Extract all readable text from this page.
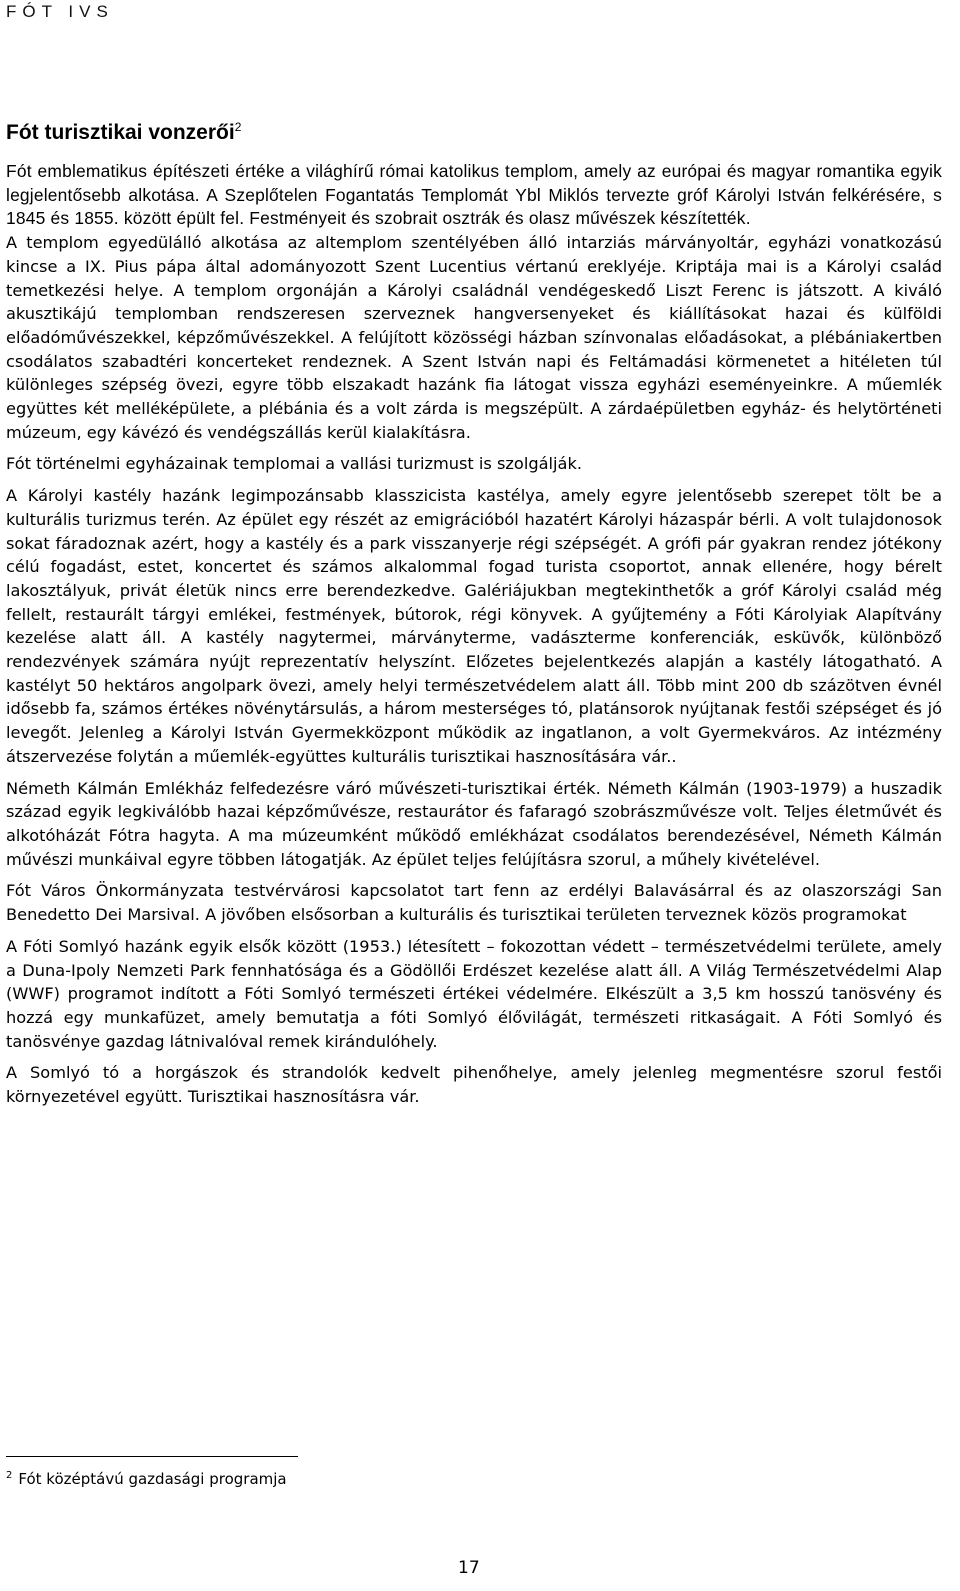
FÓT IVS
Fót turisztikai vonzerői$^2$

Fót emblematikus építészeti értéke a világhírű római katolikus templom, amely az európai és magyar romantika egyik legjelentősebb alkotása. A Szeplőtelen Fogantatás Templomát Ybl Miklós tervezte gróf Károlyi István felkérésére, s 1845 és 1855. között épült fel. Festményeit és szobrait osztrák és olasz művészek készítették.

A templom egyedülálló alkotása az altemplom szentélyében álló intarziás márványoltár, egyházi vonatkozású kincse a IX. Pius pápa által adományozott Szent Lucentius vértanú ereklyéje. Kriptája mai is a Károlyi család temetkezési helye. A templom orgonáján a Károlyi családnál vendégeskedő Liszt Ferenc is játszott. A kiváló akusztikájú templomban rendszeresen szerveznek hangversenyeket és kiállításokat hazai és külföldi előadóművészekkel, képzőművészekkel. A felújított közösségi házban színvonalas előadásokat, a plébániakertben csodálatos szabadtéri koncerteket rendeznek. A Szent István napi és Feltámadási körmenetet a hitéleten túl különleges szépség övezi, egyre több elszakadt hazánk fia látogat vissza egyházi eseményeinkre. A műemlék együttes két melléképülete, a plébánia és a volt zárda is megszépült. A zárdaépületben egyház- és helytörténeti múzeum, egy kávézó és vendégszállás kerül kialakításra.

Fót történelmi egyházainak templomai a vallási turizmust is szolgálják.

A Károlyi kastély hazánk legimpozánsabb klasszicista kastélya, amely egyre jelentősebb szerepet tölt be a kulturális turizmus terén. Az épület egy részét az emigrációból hazatért Károlyi házaspár bérli. A volt tulajdonosok sokat fáradoznak azért, hogy a kastély és a park visszanyerje régi szépségét. A grófi pár gyakran rendez jótékony célú fogadást, estet, koncertet és számos alkalommal fogad turista csoportot, annak ellenére, hogy bérelt lakosztályuk, privát életük nincs erre berendezkedve. Galériájukban megtekinthetők a gróf Károlyi család még fellelt, restaurált tárgyi emlékei, festmények, bútorok, régi könyvek. A gyűjtemény a Fóti Károlyiak Alapítvány kezelése alatt áll. A kastély nagytermei, márványterme, vadászterme konferenciák, esküvők, különböző rendezvények számára nyújt reprezentatív helyszínt. Előzetes bejelentkezés alapján a kastély látogatható. A kastélyt 50 hektáros angolpark övezi, amely helyi természetvédelem alatt áll. Több mint 200 db százötven évnél idősebb fa, számos értékes növénytársulás, a három mesterséges tó, platánsorok nyújtanak festői szépséget és jó levegőt. Jelenleg a Károlyi István Gyermekközpont működik az ingatlanon, a volt Gyermekváros. Az intézmény átszervezése folytán a műemlék-együttes kulturális turisztikai hasznosítására vár..

Németh Kálmán Emlékház felfedezésre váró művészeti-turisztikai érték. Németh Kálmán (1903-1979) a huszadik század egyik legkiválóbb hazai képzőművésze, restaurátor és fafaragó szobrászművésze volt. Teljes életművét és alkotóházát Fótra hagyta. A ma múzeumként működő emlékházat csodálatos berendezésével, Németh Kálmán művészi munkáival egyre többen látogatják. Az épület teljes felújításra szorul, a műhely kivételével.

Fót Város Önkormányzata testvérvárosi kapcsolatot tart fenn az erdélyi Balavásárral és az olaszországi San Benedetto Dei Marsival. A jövőben elsősorban a kulturális és turisztikai területen terveznek közös programokat

A Fóti Somlyó hazánk egyik elsők között (1953.) létesített – fokozottan védett – természetvédelmi területe, amely a Duna-Ipoly Nemzeti Park fennhatósága és a Gödöllői Erdészet kezelése alatt áll. A Világ Természetvédelmi Alap (WWF) programot indított a Fóti Somlyó természeti értékei védelmére. Elkészült a 3,5 km hosszú tanösvény és hozzá egy munkafüzet, amely bemutatja a fóti Somlyó élővilágát, természeti ritkaságait. A Fóti Somlyó és tanösvénye gazdag látnivalóval remek kirándulóhely.

A Somlyó tó a horgászok és strandolók kedvelt pihenőhelye, amely jelenleg megmentésre szorul festői környezetével együtt. Turisztikai hasznosításra vár.

$^2$ Fót középtávú gazdasági programja
17
